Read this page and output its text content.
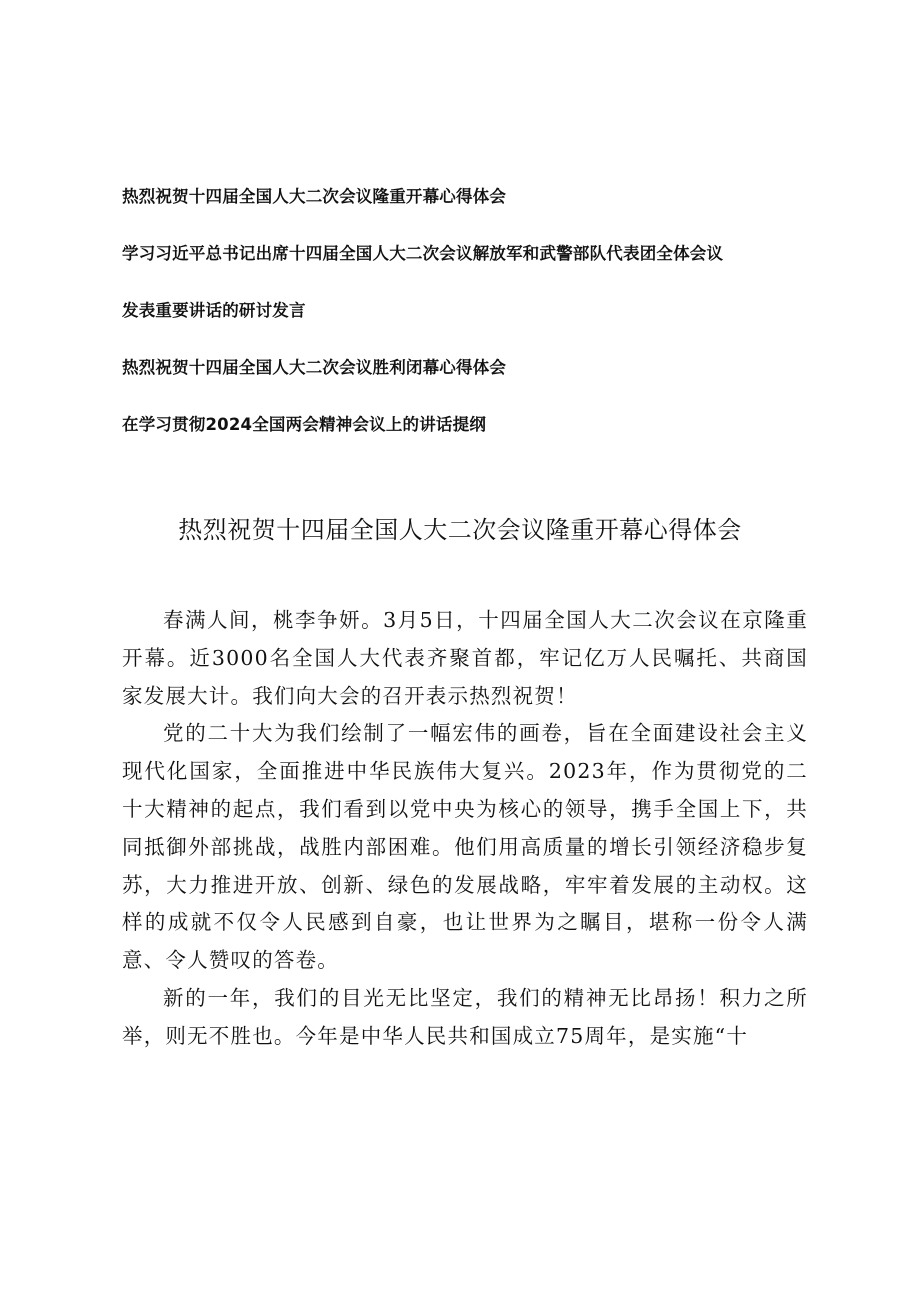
热烈祝贺十四届全国人大二次会议隆重开幕心得体会
学习习近平总书记出席十四届全国人大二次会议解放军和武警部队代表团全体会议
发表重要讲话的研讨发言
热烈祝贺十四届全国人大二次会议胜利闭幕心得体会
在学习贯彻2024全国两会精神会议上的讲话提纲
热烈祝贺十四届全国人大二次会议隆重开幕心得体会

春满人间，桃李争妍。3月5日，十四届全国人大二次会议在京隆重开幕。近3000名全国人大代表齐聚首都，牢记亿万人民嘱托、共商国家发展大计。我们向大会的召开表示热烈祝贺！

党的二十大为我们绘制了一幅宏伟的画卷，旨在全面建设社会主义现代化国家，全面推进中华民族伟大复兴。2023年，作为贯彻党的二十大精神的起点，我们看到以党中央为核心的领导，携手全国上下，共同抵御外部挑战，战胜内部困难。他们用高质量的增长引领经济稳步复苏，大力推进开放、创新、绿色的发展战略，牢牢着发展的主动权。这样的成就不仅令人民感到自豪，也让世界为之瞩目，堪称一份令人满意、令人赞叹的答卷。

新的一年，我们的目光无比坚定，我们的精神无比昂扬！积力之所举，则无不胜也。今年是中华人民共和国成立75周年，是实施“十
